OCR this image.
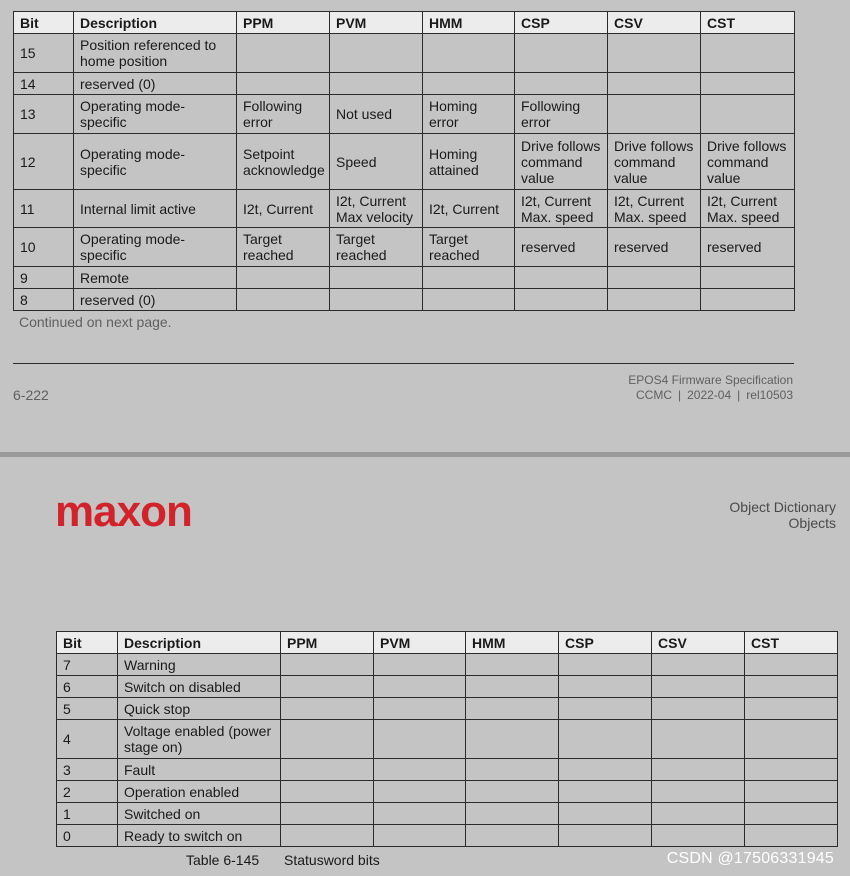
Bit	Description	PPM	PVM	HMM	CSP	CSV	CST
15	Position referenced to home position						
14	reserved (0)						
13	Operating mode-specific	Following error	Not used	Homing error	Following error		
12	Operating mode-specific	Setpoint acknowledge	Speed	Homing attained	Drive follows command value	Drive follows command value	Drive follows command value
11	Internal limit active	I2t, Current	I2t, Current Max velocity	I2t, Current	I2t, Current Max. speed	I2t, Current Max. speed	I2t, Current Max. speed
10	Operating mode-specific	Target reached	Target reached	Target reached	reserved	reserved	reserved
9	Remote						
8	reserved (0)						
Continued on next page.
6-222
EPOS4 Firmware Specification
CCMC | 2022-04 | rel10503
maxon	Object Dictionary
Objects
Bit	Description	PPM	PVM	HMM	CSP	CSV	CST
7	Warning						
6	Switch on disabled						
5	Quick stop						
4	Voltage enabled (power stage on)						
3	Fault						
2	Operation enabled						
1	Switched on						
0	Ready to switch on						
Table 6-145 Statusword bits	CSDN @17506331945
